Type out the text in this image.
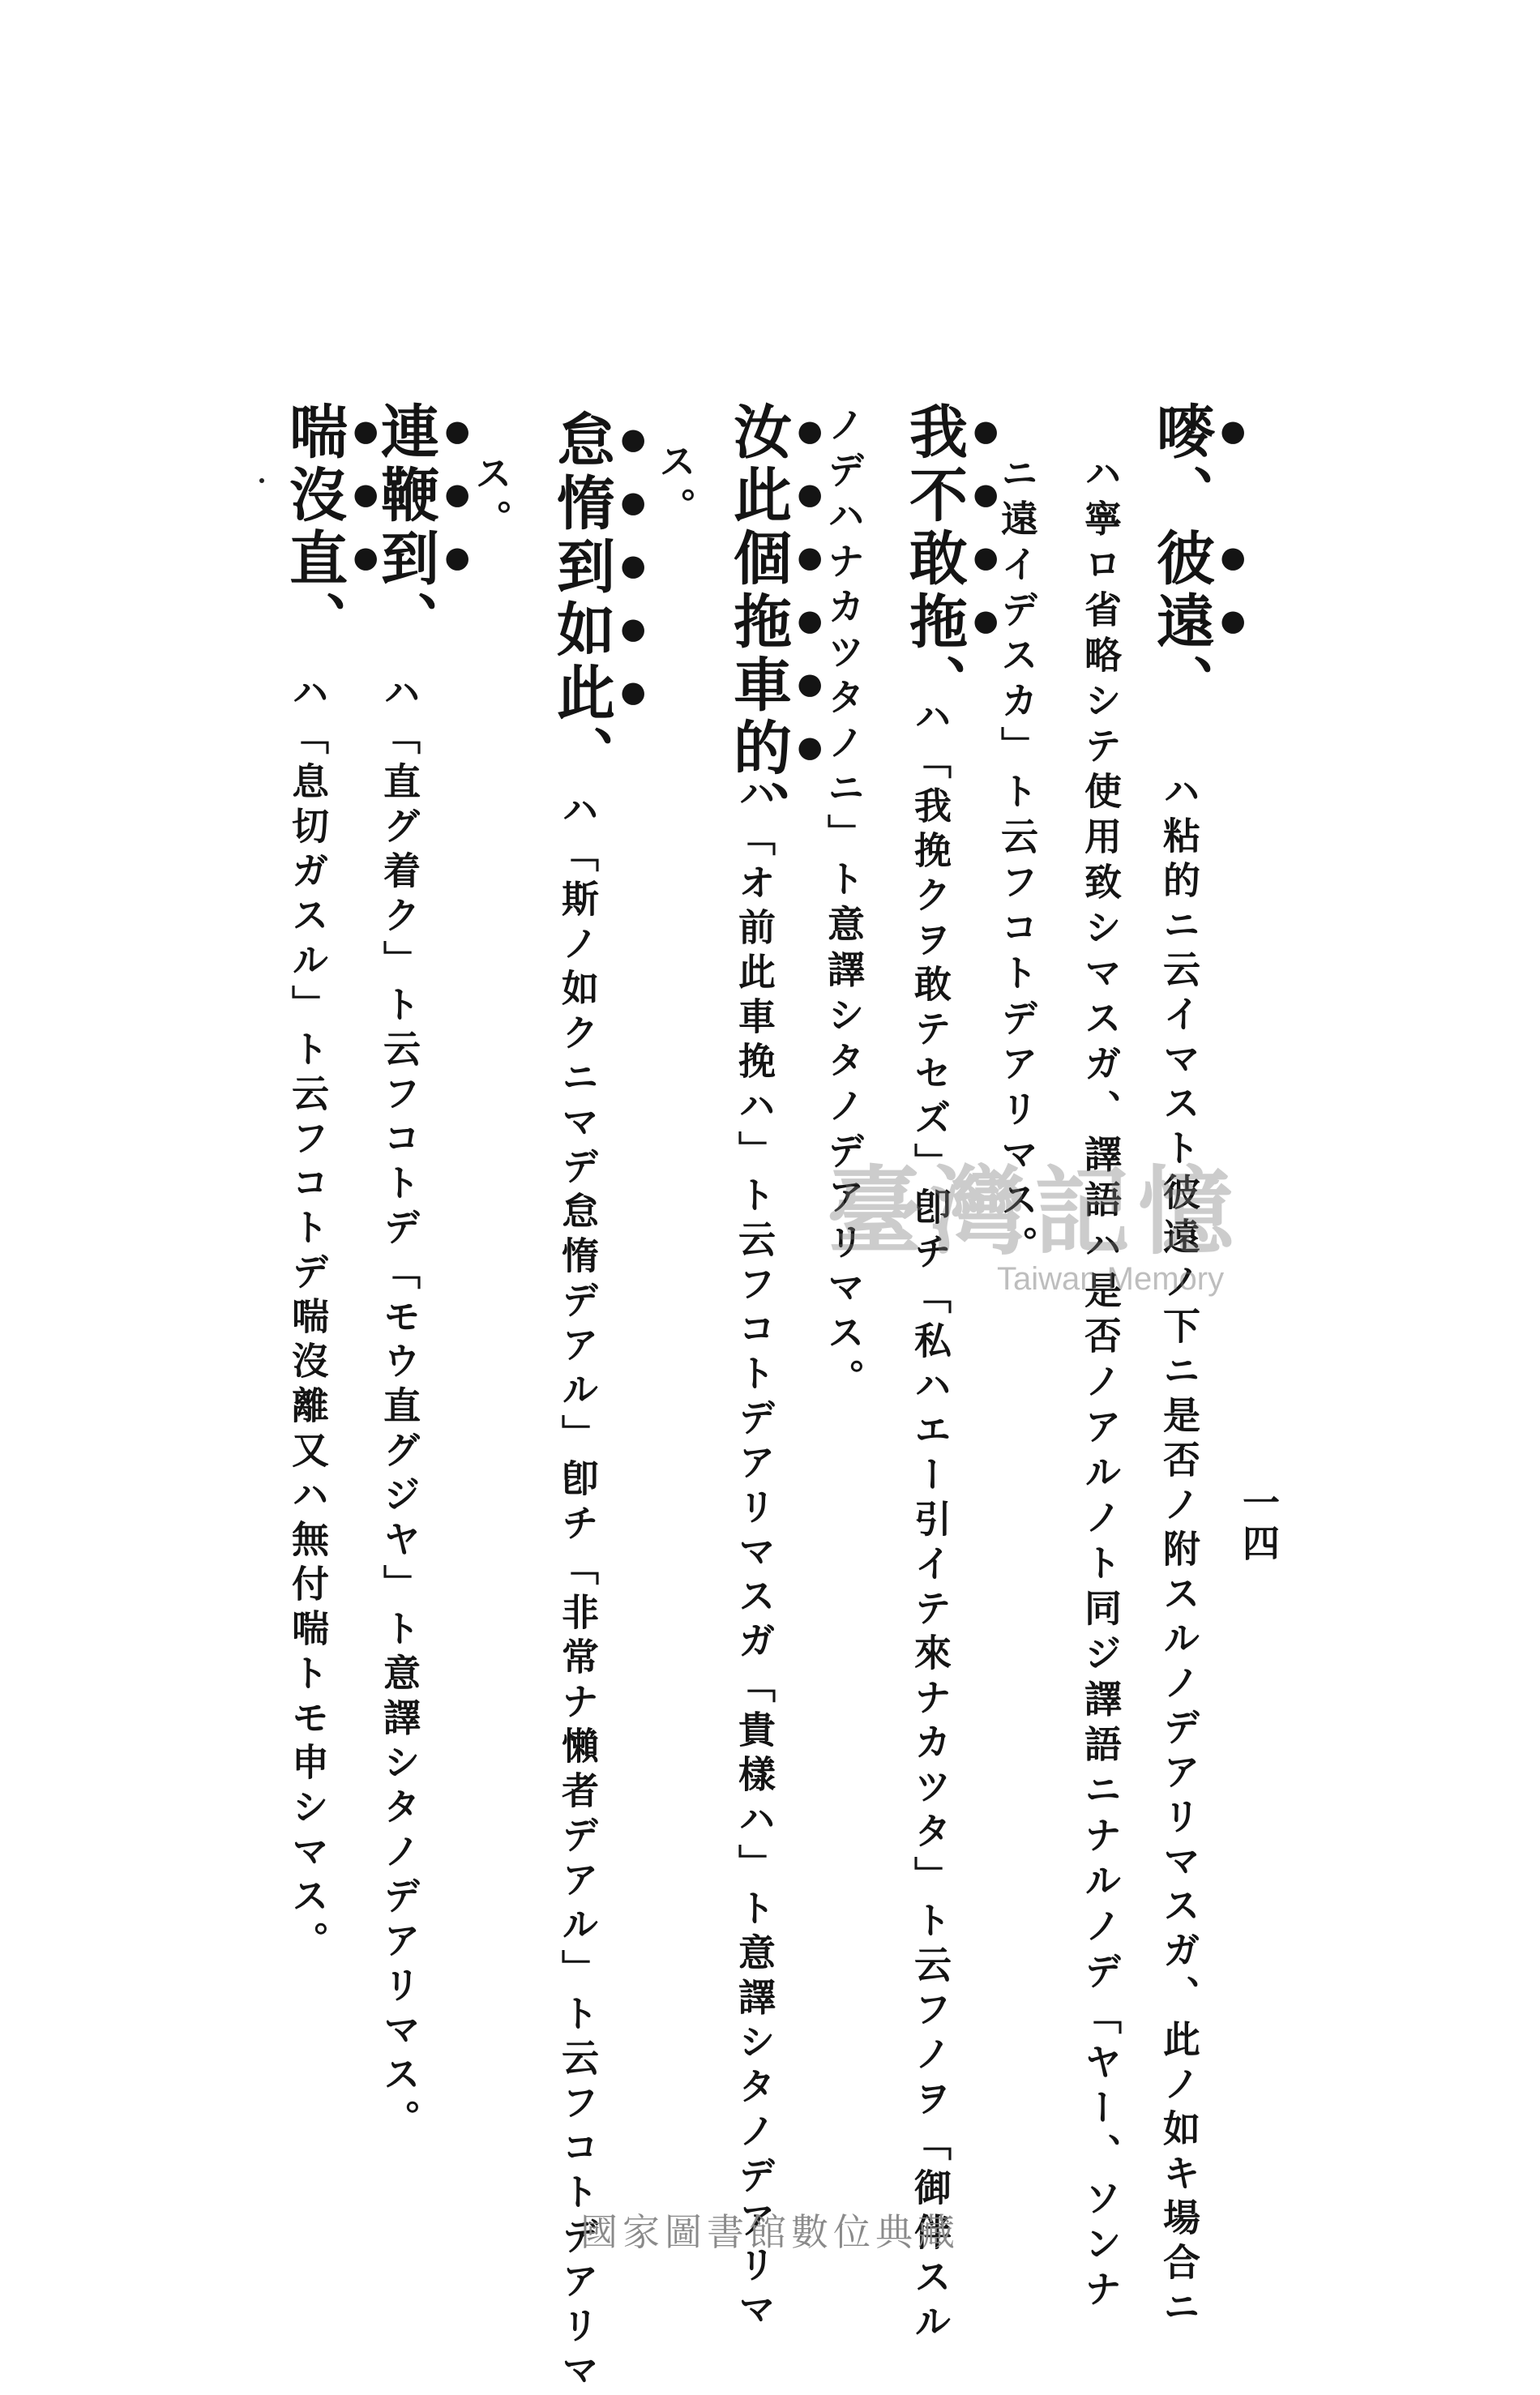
一四
嘜、彼遠、
ハ粘的ニ云イマスト彼遠ノ下ニ是否ノ附スルノデアリマスガ、此ノ如キ場合ニ
ハ寧ロ省略シテ使用致シマスガ、譯語ハ是否ノアルノト同ジ譯語ニナルノデ「ヤー、ソンナ
ニ遠イデスカ」ト云フコトデアリマス。
我不敢拖、
ハ「我挽クヲ敢テセズ」卽チ「私ハエー引イテ來ナカツタ」ト云フノヲ「御伴スル
ノデハナカツタノニ」ト意譯シタノデアリマス。
汝此個拖車的、
ハ「オ前此車挽ハ」ト云フコトデアリマスガ「貴樣ハ」ト意譯シタノデアリマ
ス。
怠惰到如此、
ハ「斯ノ如クニマデ怠惰デアル」卽チ「非常ナ懶者デアル」ト云フコトデアリマ
ス。
連鞭到、
ハ「直グ着ク」ト云フコトデ「モウ直グジヤ」ト意譯シタノデアリマス。
喘沒直、
ハ「息切ガスル」ト云フコトデ喘沒離又ハ無付喘トモ申シマス。	臺灣記憶
Taiwan Memory
國家圖書館數位典藏
